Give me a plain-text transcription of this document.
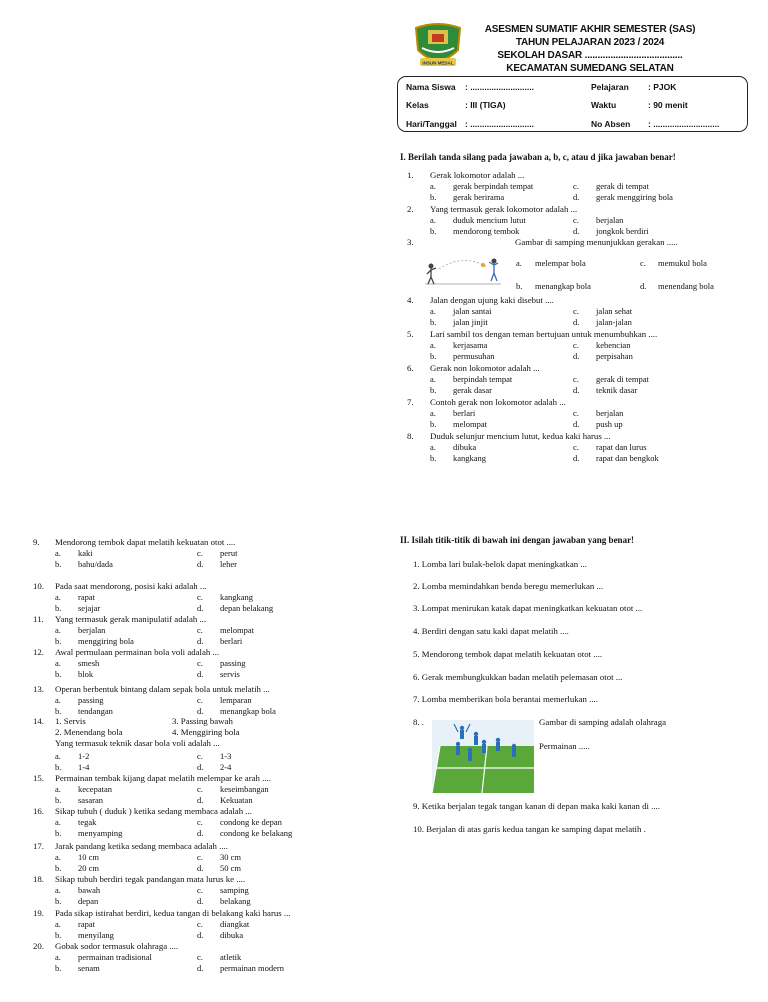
INSUN MEDAL
ASESMEN SUMATIF AKHIR SEMESTER (SAS)
TAHUN PELAJARAN 2023 / 2024
SEKOLAH DASAR ......................................
KECAMATAN SUMEDANG SELATAN
Nama Siswa : ...........................
Kelas	: III (TIGA)
Hari/Tanggal : ...........................
Pelajaran : PJOK
Waktu	: 90 menit
No Absen : ............................
I. Berilah tanda silang pada jawaban a, b, c, atau d jika jawaban benar!
II. Isilah titik-titik di bawah ini dengan jawaban yang benar!
1. Gerak lokomotor adalah ...
a. gerak berpindah tempat	c. gerak di tempat
b. gerak berirama	d. gerak menggiring bola
2. Yang termasuk gerak lokomotor adalah ...
a. duduk mencium lutut	c. berjalan
b. mendorong tembok	d. jongkok berdiri
3.	Gambar di samping menunjukkan gerakan .....
a. melempar bola	c. memukul bola
b. menangkap bola	d. menendang bola
4. Jalan dengan ujung kaki disebut ....
a. jalan santai	c. jalan sehat
b. jalan jinjit	d. jalan-jalan
5. Lari sambil tos dengan teman bertujuan untuk menumbuhkan ....
a. kerjasama	c. kebencian
b. permusuhan	d. perpisahan
6. Gerak non lokomotor adalah ...
a. berpindah tempat	c. gerak di tempat
b. gerak dasar	d. teknik dasar
7. Contoh gerak non lokomotor adalah ...
a. berlari	c. berjalan
b. melompat	d. push up
8. Duduk selunjur mencium lutut, kedua kaki harus ...
a. dibuka	c. rapat dan lurus
b. kangkang	d. rapat dan bengkok
9. Mendorong tembok dapat melatih kekuatan otot ....
a. kaki	c. perut
b. bahu/dada	d. leher
10. Pada saat mendorong, posisi kaki adalah ...
a. rapat	c. kangkang
b. sejajar	d. depan belakang
11. Yang termasuk gerak manipulatif adalah ...
a. berjalan	c. melompat
b. menggiring bola	d. berlari
12. Awal permulaan permainan bola voli adalah ...
a. smesh	c. passing
b. blok	d. servis
13. Operan berbentuk bintang dalam sepak bola untuk melatih ...
a. passing	c. lemparan
b. tendangan	d. menangkap bola
14. 1. Servis	3. Passing bawah
2. Menendang bola	4. Menggiring bola
Yang termasuk teknik dasar bola voli adalah ...
a. 1-2	c. 1-3
b. 1-4	d. 2-4
15. Permainan tembak kijang dapat melatih melempar ke arah ....
a. kecepatan	c. keseimbangan
b. sasaran	d. Kekuatan
16. Sikap tubuh ( duduk ) ketika sedang membaca adalah ...
a. tegak	c. condong ke depan
b. menyamping	d. condong ke belakang
17. Jarak pandang ketika sedang membaca adalah ....
a. 10 cm	c. 30 cm
b. 20 cm	d. 50 cm
18. Sikap tubuh berdiri tegak pandangan mata lurus ke ....
a. bawah	c. samping
b. depan	d. belakang
19. Pada sikap istirahat berdiri, kedua tangan di belakang kaki harus ...
a. rapat	c. diangkat
b. menyilang	d. dibuka
20. Gobak sodor termasuk olahraga ....
a. permainan tradisional	c. atletik
b. senam	d. permainan modern
1. Lomba lari bulak-belok dapat meningkatkan ...
2. Lomba memindahkan benda beregu memerlukan ...
3. Lompat menirukan katak dapat meningkatkan kekuatan otot ...
4. Berdiri dengan satu kaki dapat melatih ....
5. Mendorong tembok dapat melatih kekuatan otot ....
6. Gerak membungkukkan badan melatih pelemasan otot ...
7. Lomba memberikan bola berantai memerlukan ....
8. .
9. Ketika berjalan tegak tangan kanan di depan maka kaki kanan di ....
10. Berjalan di atas garis kedua tangan ke samping dapat melatih .
Gambar di samping adalah olahraga
Permainan .....
